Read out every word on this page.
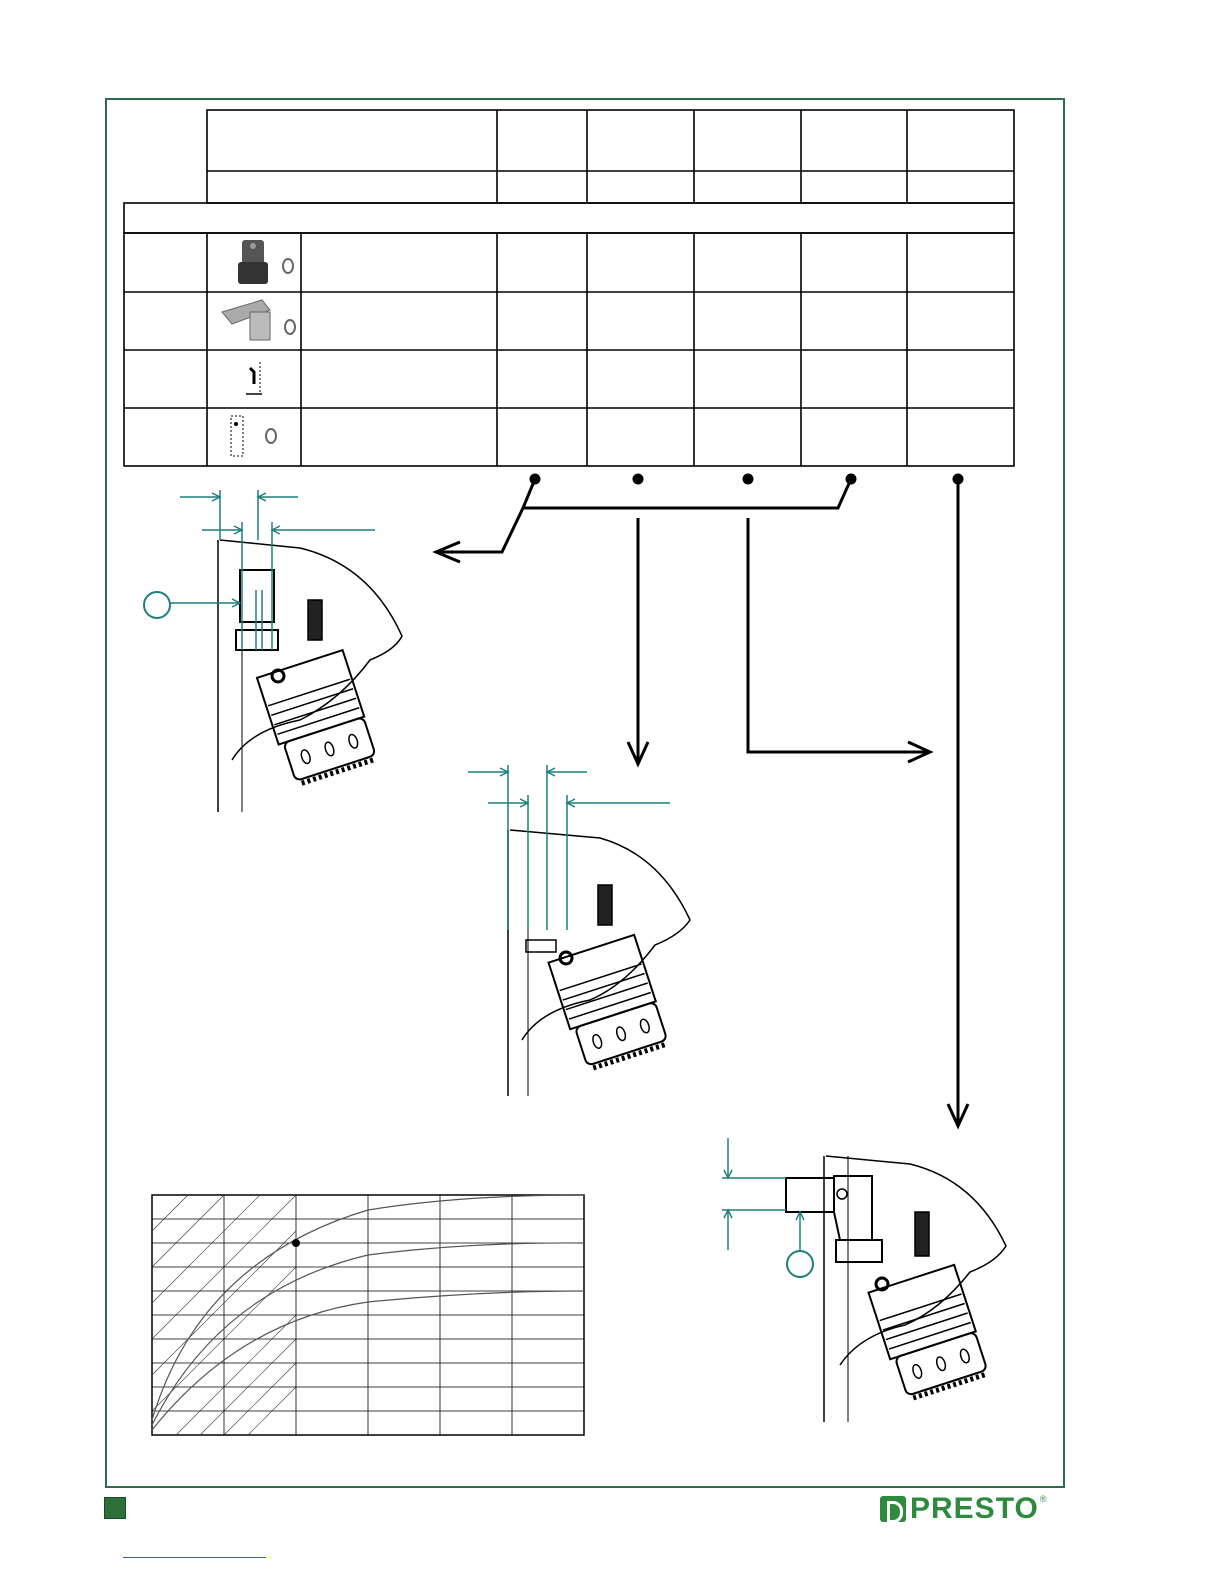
PRESTO ®
